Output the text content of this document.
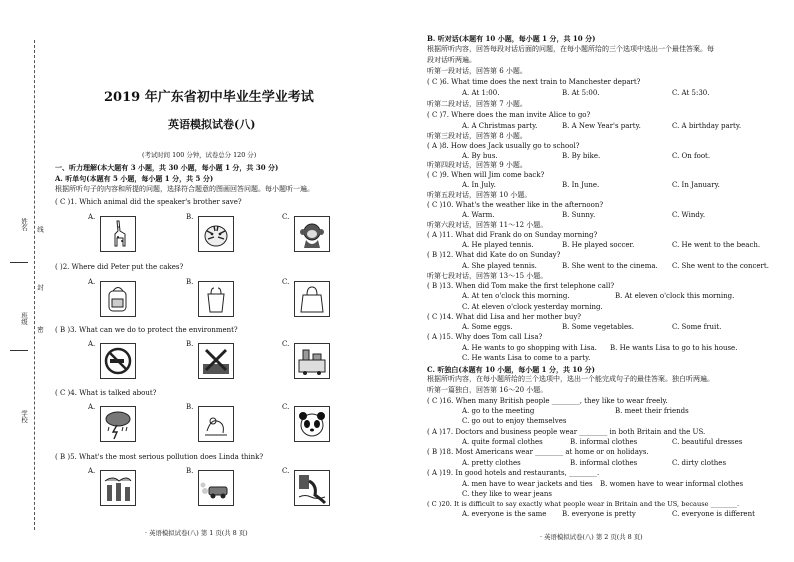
姓名 线
班级
封
密
学校
2019 年广东省初中毕业生学业考试
英语模拟试卷(八)
(考试时间 100 分钟，试卷总分 120 分)
一、听力理解(本大题有 3 小题，共 30 小题，每小题 1 分，共 30 分)
A. 听单句(本题有 5 小题，每小题 1 分，共 5 分)
根据所听句子的内容和所提的问题，选择符合题意的图画回答问题。每小题听一遍。
( C )1. Which animal did the speaker's brother save?
A.	B.	C.
( )2. Where did Peter put the cakes?
A.	B.	C.
( B )3. What can we do to protect the environment?
A.	B.	C.
( C )4. What is talked about?
A.	B.	C.
( B )5. What's the most serious pollution does Linda think?
A.	B.	C.
· 英语模拟试卷(八) 第 1 页(共 8 页)
B. 听对话(本题有 10 小题，每小题 1 分，共 10 分)
根据所听内容，回答每段对话后面的问题，在每小题所给的三个选项中选出一个最佳答案。每
段对话听两遍。
听第一段对话，回答第 6 小题。
( C )6. What time does the next train to Manchester depart?
A. At 1:00.	B. At 5:00.	C. At 5:30.
听第二段对话，回答第 7 小题。
( C )7. Where does the man invite Alice to go?
A. A Christmas party.	B. A New Year's party.	C. A birthday party.
听第三段对话，回答第 8 小题。
( A )8. How does Jack usually go to school?
A. By bus.	B. By bike.	C. On foot.
听第四段对话，回答第 9 小题。
( C )9. When will Jim come back?
A. In July.	B. In June.	C. In January.
听第五段对话，回答第 10 小题。
( C )10. What's the weather like in the afternoon?
A. Warm.	B. Sunny.	C. Windy.
听第六段对话，回答第 11～12 小题。
( A )11. What did Frank do on Sunday morning?
A. He played tennis.	B. He played soccer.	C. He went to the beach.
( B )12. What did Kate do on Sunday?
A. She played tennis.	B. She went to the cinema. C. She went to the concert.
听第七段对话，回答第 13～15 小题。
( B )13. When did Tom make the first telephone call?
A. At ten o'clock this morning.	B. At eleven o'clock this morning.
C. At eleven o'clock yesterday morning.
( C )14. What did Lisa and her mother buy?
A. Some eggs.	B. Some vegetables.	C. Some fruit.
( A )15. Why does Tom call Lisa?
A. He wants to go shopping with Lisa. B. He wants Lisa to go to his house.
C. He wants Lisa to come to a party.
C. 听独白(本题有 10 小题，每小题 1 分，共 10 分)
根据所听内容，在每小题所给的三个选项中，选出一个能完成句子的最佳答案。独白听两遍。
听第一篇独白，回答第 16～20 小题。
( C )16. When many British people ________, they like to wear freely.
A. go to the meeting	B. meet their friends
C. go out to enjoy themselves
( A )17. Doctors and business people wear ________ in both Britain and the US.
A. quite formal clothes	B. informal clothes	C. beautiful dresses
( B )18. Most Americans wear ________ at home or on holidays.
A. pretty clothes	B. informal clothes	C. dirty clothes
( A )19. In good hotels and restaurants, ________.
A. men have to wear jackets and ties B. women have to wear informal clothes
C. they like to wear jeans
( C )20. It is difficult to say exactly what people wear in Britain and the US, because ________.
A. everyone is the same B. everyone is pretty	C. everyone is different
· 英语模拟试卷(八) 第 2 页(共 8 页)
